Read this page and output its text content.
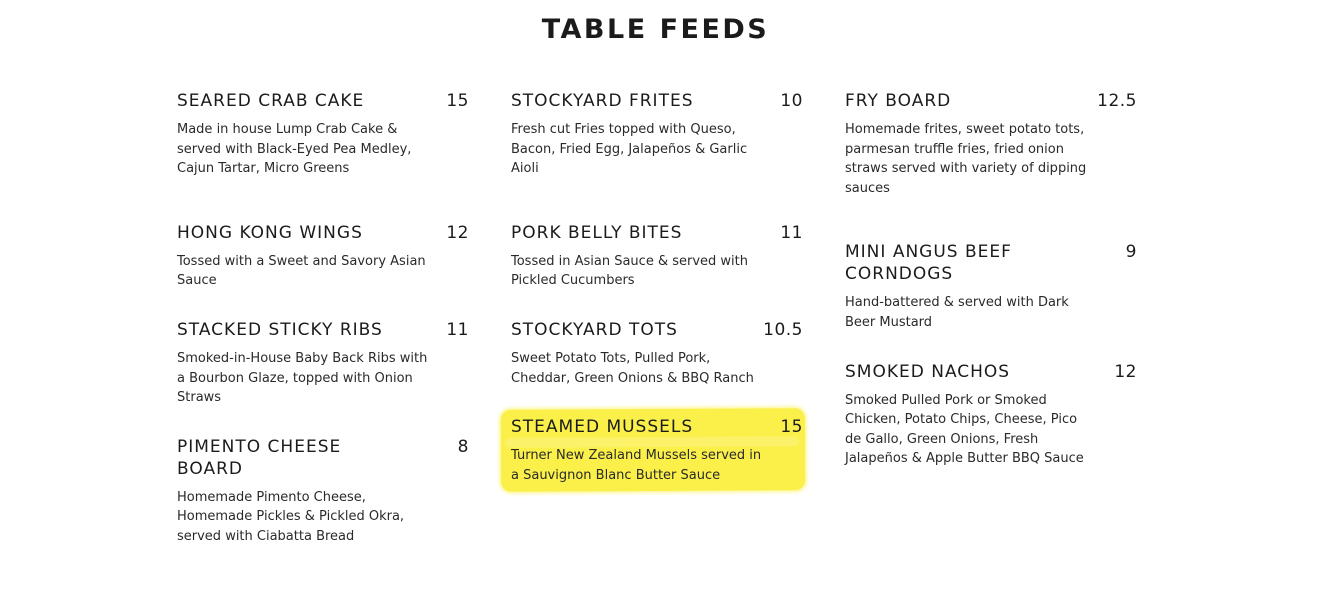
TABLE FEEDS
SEARED CRAB CAKE	15
Made in house Lump Crab Cake & served with Black-Eyed Pea Medley, Cajun Tartar, Micro Greens
HONG KONG WINGS	12
Tossed with a Sweet and Savory Asian Sauce
STACKED STICKY RIBS	11
Smoked-in-House Baby Back Ribs with a Bourbon Glaze, topped with Onion Straws
PIMENTO CHEESE BOARD
8
Homemade Pimento Cheese, Homemade Pickles & Pickled Okra, served with Ciabatta Bread
STOCKYARD FRITES	10
Fresh cut Fries topped with Queso, Bacon, Fried Egg, Jalapeños & Garlic Aioli
PORK BELLY BITES	11
Tossed in Asian Sauce & served with Pickled Cucumbers
STOCKYARD TOTS	10.5
Sweet Potato Tots, Pulled Pork, Cheddar, Green Onions & BBQ Ranch
STEAMED MUSSELS	15
Turner New Zealand Mussels served in a Sauvignon Blanc Butter Sauce
FRY BOARD	12.5
Homemade frites, sweet potato tots, parmesan truffle fries, fried onion straws served with variety of dipping sauces
MINI ANGUS BEEF CORNDOGS
9
Hand-battered & served with Dark Beer Mustard
SMOKED NACHOS	12
Smoked Pulled Pork or Smoked Chicken, Potato Chips, Cheese, Pico de Gallo, Green Onions, Fresh Jalapeños & Apple Butter BBQ Sauce
